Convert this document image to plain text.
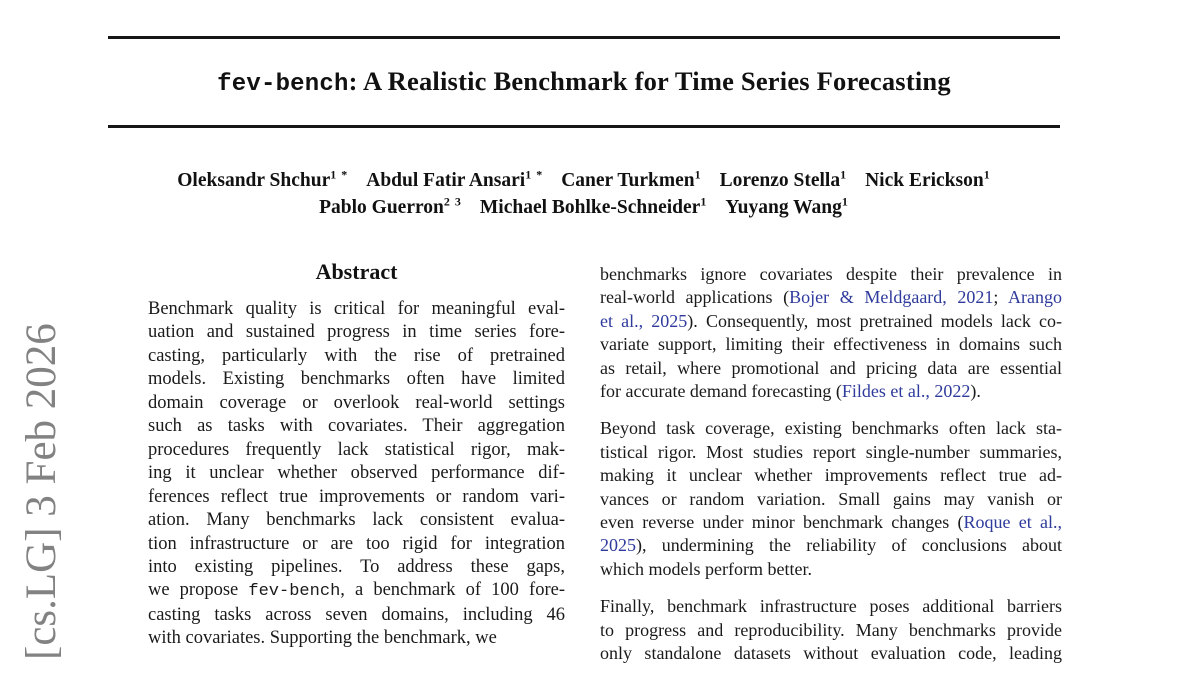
[cs.LG] 3 Feb 2026
fev-bench: A Realistic Benchmark for Time Series Forecasting
Oleksandr Shchur$^{1 *}$ Abdul Fatir Ansari$^{1 *}$ Caner Turkmen$^1$ Lorenzo Stella$^1$ Nick Erickson$^1$
Pablo Guerron$^{2 3}$ Michael Bohlke-Schneider$^1$ Yuyang Wang$^1$
Abstract
Benchmark quality is critical for meaningful eval-
uation and sustained progress in time series fore-
casting, particularly with the rise of pretrained
models. Existing benchmarks often have limited
domain coverage or overlook real-world settings
such as tasks with covariates. Their aggregation
procedures frequently lack statistical rigor, mak-
ing it unclear whether observed performance dif-
ferences reflect true improvements or random vari-
ation. Many benchmarks lack consistent evalua-
tion infrastructure or are too rigid for integration
into existing pipelines. To address these gaps,
we propose fev-bench, a benchmark of 100 fore-
casting tasks across seven domains, including 46
with covariates. Supporting the benchmark, we
benchmarks ignore covariates despite their prevalence in
real-world applications (Bojer & Meldgaard, 2021; Arango
et al., 2025). Consequently, most pretrained models lack co-
variate support, limiting their effectiveness in domains such
as retail, where promotional and pricing data are essential
for accurate demand forecasting (Fildes et al., 2022).
Beyond task coverage, existing benchmarks often lack sta-
tistical rigor. Most studies report single-number summaries,
making it unclear whether improvements reflect true ad-
vances or random variation. Small gains may vanish or
even reverse under minor benchmark changes (Roque et al.,
2025), undermining the reliability of conclusions about
which models perform better.
Finally, benchmark infrastructure poses additional barriers
to progress and reproducibility. Many benchmarks provide
only standalone datasets without evaluation code, leading
